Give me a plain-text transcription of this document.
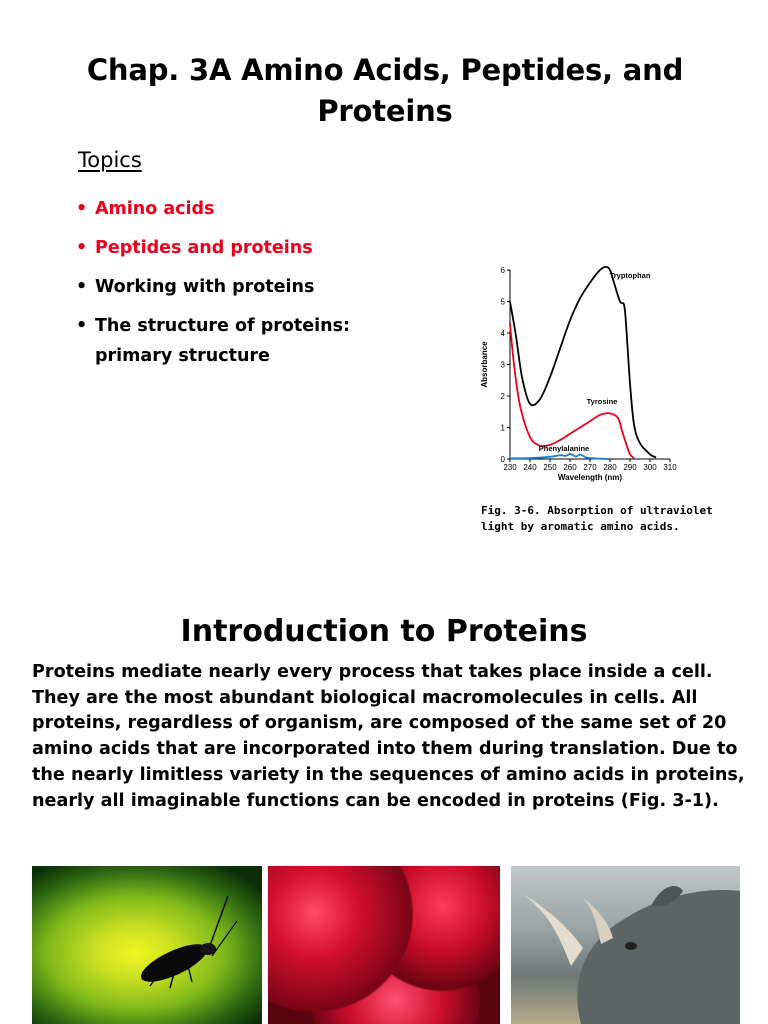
Chap. 3A Amino Acids, Peptides, and Proteins
Topics
• Amino acids
• Peptides and proteins
• Working with proteins
• The structure of proteins:
primary structure
0
1
2
3
4
5
6
230 240 250 260 270 280 290 300 310
Wavelength (nm)
Absorbance
Tryptophan
Tyrosine
Phenylalanine
Fig. 3-6. Absorption of ultraviolet light by aromatic amino acids.
Introduction to Proteins

Proteins mediate nearly every process that takes place inside a cell. They are the most abundant biological macromolecules in cells. All proteins, regardless of organism, are composed of the same set of 20 amino acids that are incorporated into them during translation. Due to the nearly limitless variety in the sequences of amino acids in proteins, nearly all imaginable functions can be encoded in proteins (Fig. 3-1).
